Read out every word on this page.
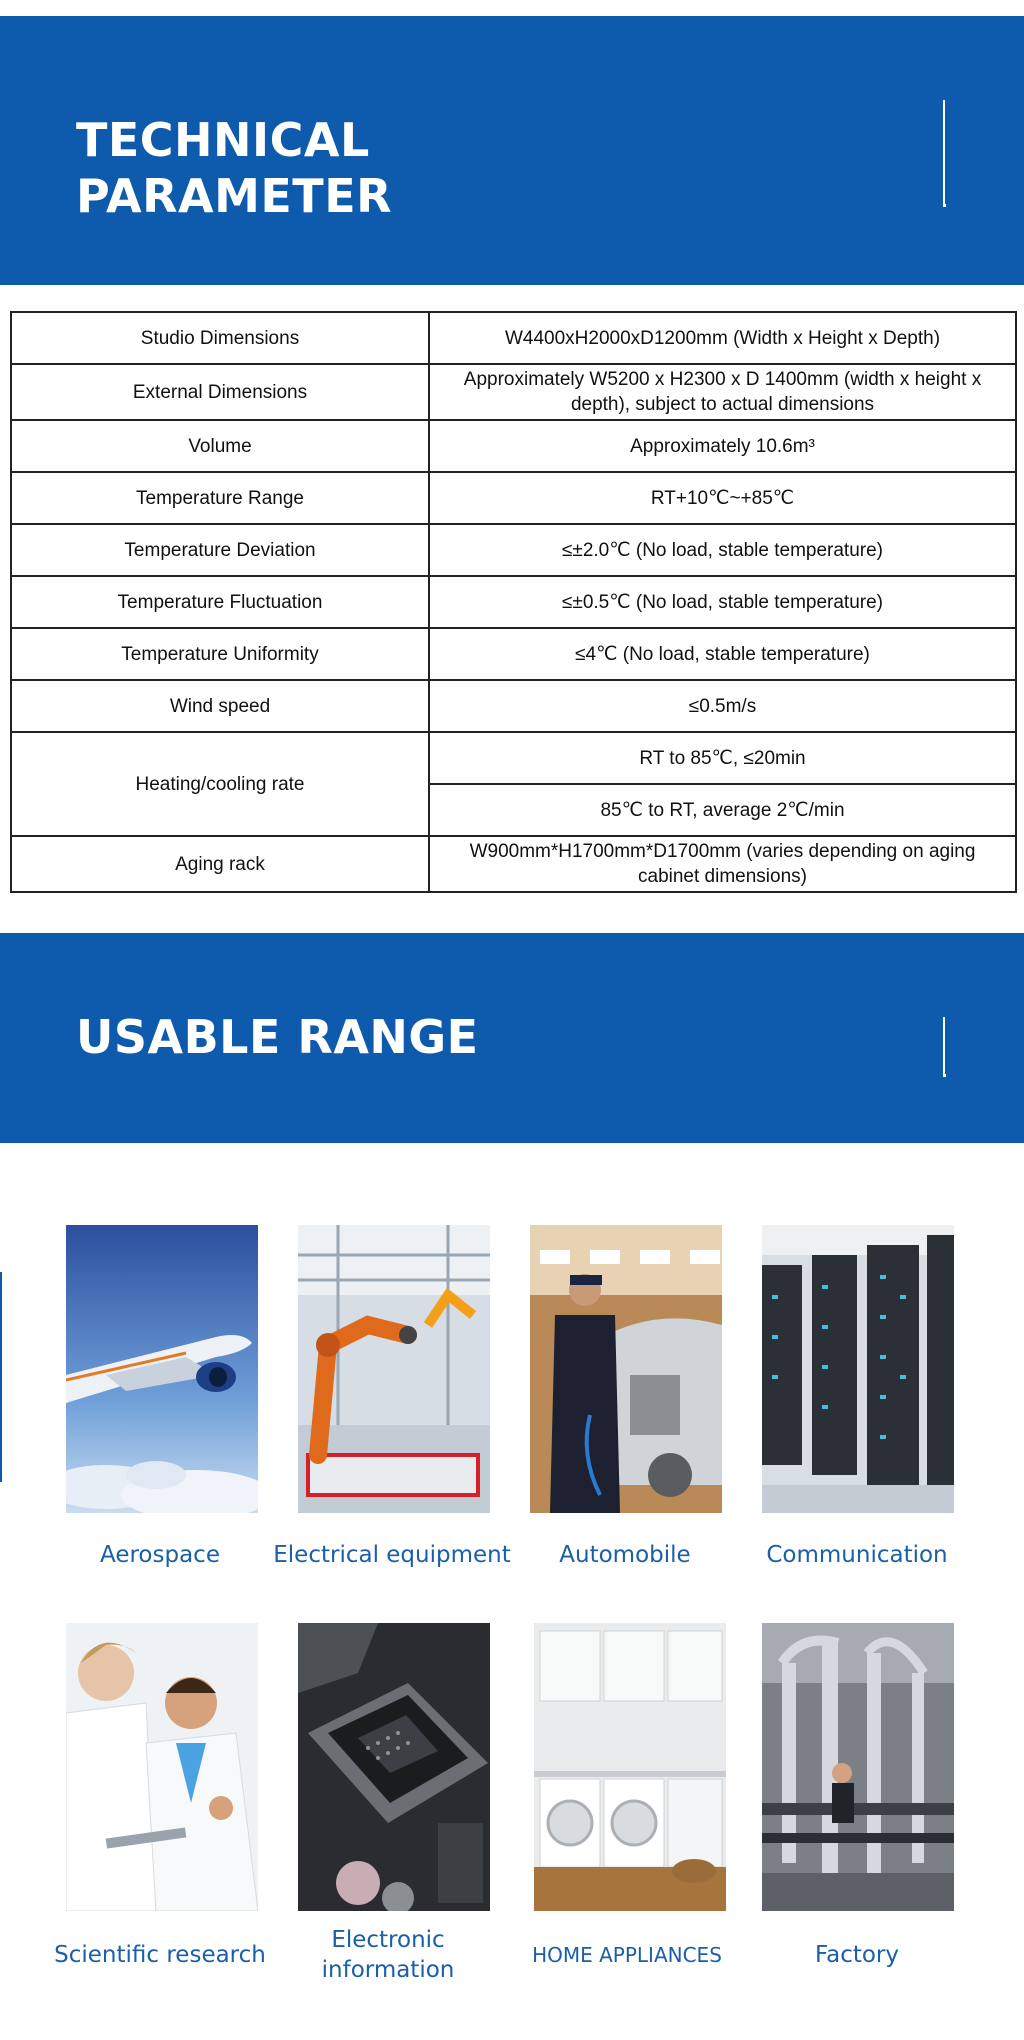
TECHNICAL
PARAMETER
Studio Dimensions	W4400xH2000xD1200mm (Width x Height x Depth)
External Dimensions	Approximately W5200 x H2300 x D 1400mm (width x height x depth), subject to actual dimensions
Volume	Approximately 10.6m³
Temperature Range	RT+10℃~+85℃
Temperature Deviation	≤±2.0℃ (No load, stable temperature)
Temperature Fluctuation	≤±0.5℃ (No load, stable temperature)
Temperature Uniformity	≤4℃ (No load, stable temperature)
Wind speed	≤0.5m/s
Heating/cooling rate	RT to 85℃, ≤20min
	85℃ to RT, average 2℃/min
Aging rack	W900mm*H1700mm*D1700mm (varies depending on aging cabinet dimensions)
USABLE RANGE
Aerospace	Electrical equipment	Automobile	Communication
Scientific research
Electronic information
HOME APPLIANCES	Factory
